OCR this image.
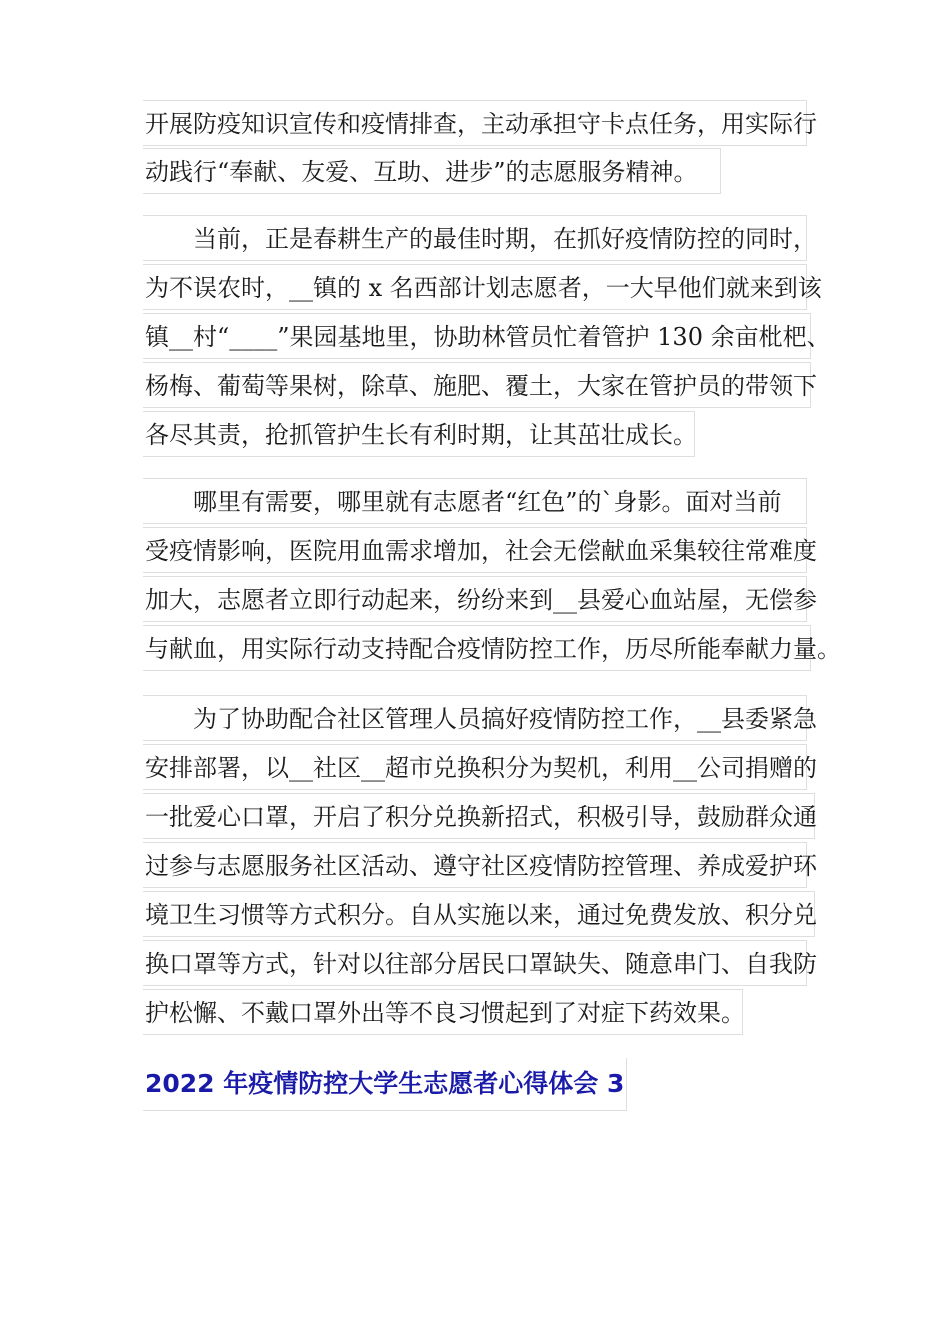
开展防疫知识宣传和疫情排查，主动承担守卡点任务，用实际行
动践行“奉献、友爱、互助、进步”的志愿服务精神。
当前，正是春耕生产的最佳时期，在抓好疫情防控的同时，
为不误农时，__镇的 x 名西部计划志愿者，一大早他们就来到该
镇__村“____”果园基地里，协助林管员忙着管护 130 余亩枇杷、
杨梅、葡萄等果树，除草、施肥、覆土，大家在管护员的带领下
各尽其责，抢抓管护生长有利时期，让其茁壮成长。
哪里有需要，哪里就有志愿者“红色”的`身影。面对当前
受疫情影响，医院用血需求增加，社会无偿献血采集较往常难度
加大，志愿者立即行动起来，纷纷来到__县爱心血站屋，无偿参
与献血，用实际行动支持配合疫情防控工作，历尽所能奉献力量。
为了协助配合社区管理人员搞好疫情防控工作，__县委紧急
安排部署，以__社区__超市兑换积分为契机，利用__公司捐赠的
一批爱心口罩，开启了积分兑换新招式，积极引导，鼓励群众通
过参与志愿服务社区活动、遵守社区疫情防控管理、养成爱护环
境卫生习惯等方式积分。自从实施以来，通过免费发放、积分兑
换口罩等方式，针对以往部分居民口罩缺失、随意串门、自我防
护松懈、不戴口罩外出等不良习惯起到了对症下药效果。
2022 年疫情防控大学生志愿者心得体会 3
